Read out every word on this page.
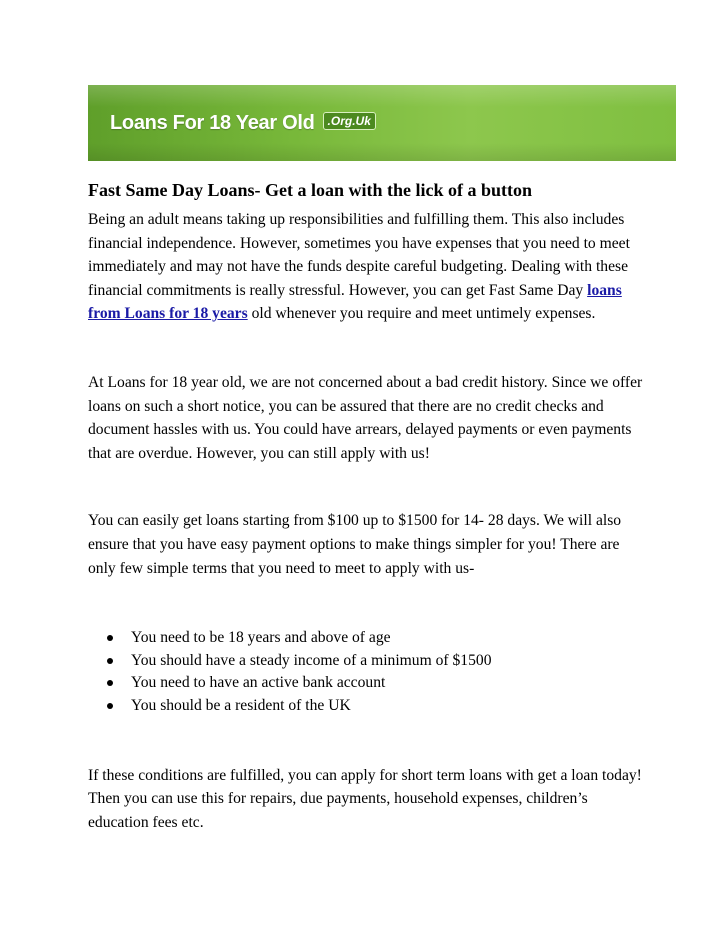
Loans For 18 Year Old	.Org.Uk
Fast Same Day Loans- Get a loan with the lick of a button

Being an adult means taking up responsibilities and fulfilling them. This also includes financial independence. However, sometimes you have expenses that you need to meet immediately and may not have the funds despite careful budgeting. Dealing with these financial commitments is really stressful. However, you can get Fast Same Day loans from Loans for 18 years old whenever you require and meet untimely expenses.

At Loans for 18 year old, we are not concerned about a bad credit history. Since we offer loans on such a short notice, you can be assured that there are no credit checks and document hassles with us. You could have arrears, delayed payments or even payments that are overdue. However, you can still apply with us!

You can easily get loans starting from $100 up to $1500 for 14- 28 days. We will also ensure that you have easy payment options to make things simpler for you! There are only few simple terms that you need to meet to apply with us-

You need to be 18 years and above of age
You should have a steady income of a minimum of $1500
You need to have an active bank account
You should be a resident of the UK

If these conditions are fulfilled, you can apply for short term loans with get a loan today! Then you can use this for repairs, due payments, household expenses, children’s education fees etc.
